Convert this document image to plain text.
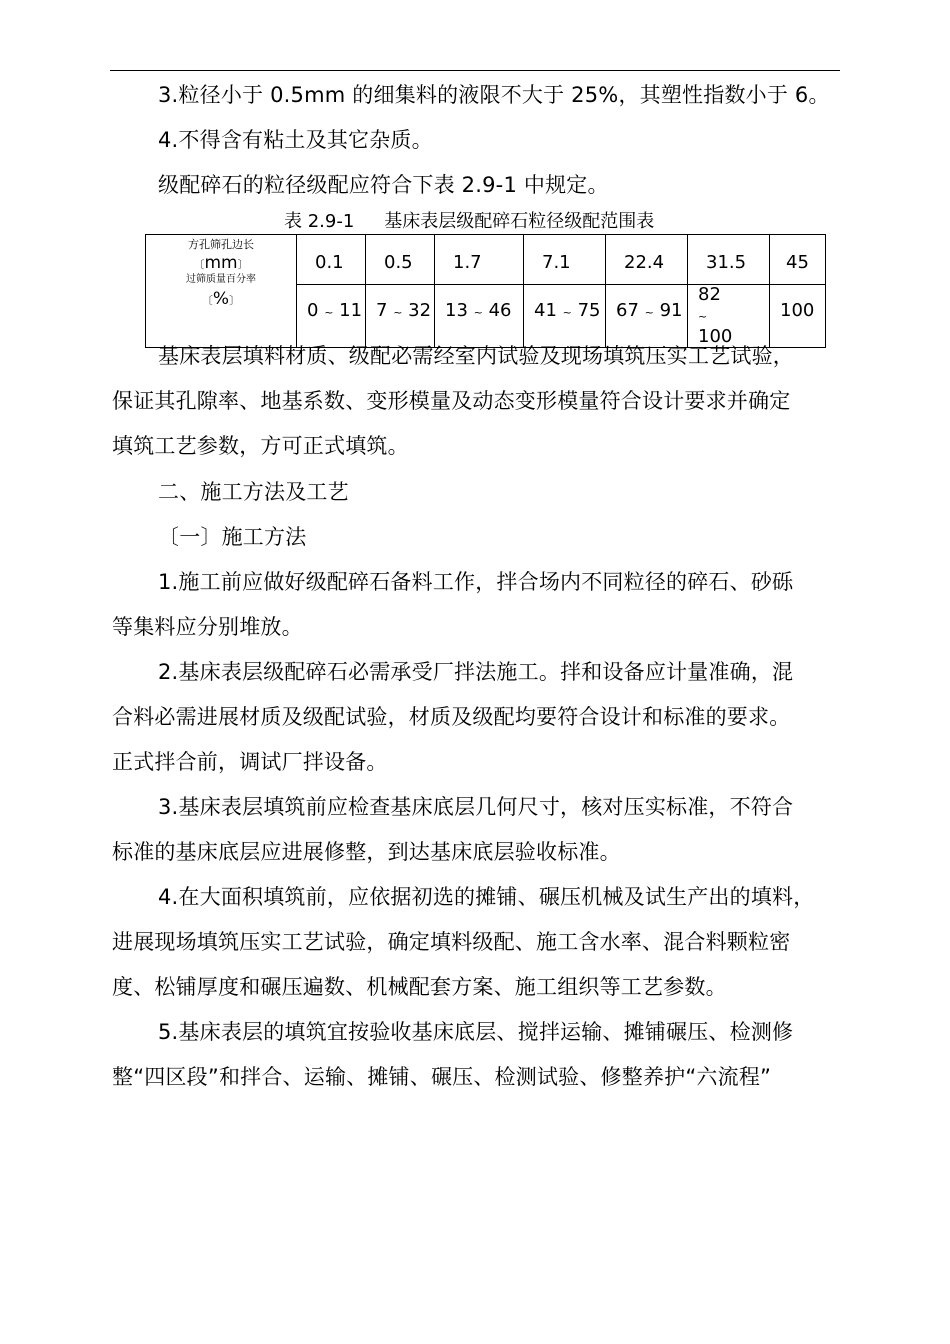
3.粒径小于 0.5mm 的细集料的液限不大于 25%，其塑性指数小于 6。
4.不得含有粘土及其它杂质。
级配碎石的粒径级配应符合下表 2.9-1 中规定。
表 2.9-1 基床表层级配碎石粒径级配范围表
方孔筛孔边长
〔mm〕
过筛质量百分率
〔%〕	0.1	0.5	1.7	7.1	22.4	31.5	45
	0 ~ 11	7 ~ 32	13 ~ 46	41 ~ 75	67 ~ 91	82
~
100	100
基床表层填料材质、级配必需经室内试验及现场填筑压实工艺试验，
保证其孔隙率、地基系数、变形模量及动态变形模量符合设计要求并确定
填筑工艺参数，方可正式填筑。
二、施工方法及工艺
〔一〕施工方法
1.施工前应做好级配碎石备料工作，拌合场内不同粒径的碎石、砂砾
等集料应分别堆放。
2.基床表层级配碎石必需承受厂拌法施工。拌和设备应计量准确，混
合料必需进展材质及级配试验，材质及级配均要符合设计和标准的要求。
正式拌合前，调试厂拌设备。
3.基床表层填筑前应检查基床底层几何尺寸，核对压实标准，不符合
标准的基床底层应进展修整，到达基床底层验收标准。
4.在大面积填筑前，应依据初选的摊铺、碾压机械及试生产出的填料，
进展现场填筑压实工艺试验，确定填料级配、施工含水率、混合料颗粒密
度、松铺厚度和碾压遍数、机械配套方案、施工组织等工艺参数。
5.基床表层的填筑宜按验收基床底层、搅拌运输、摊铺碾压、检测修
整“四区段”和拌合、运输、摊铺、碾压、检测试验、修整养护“六流程”
